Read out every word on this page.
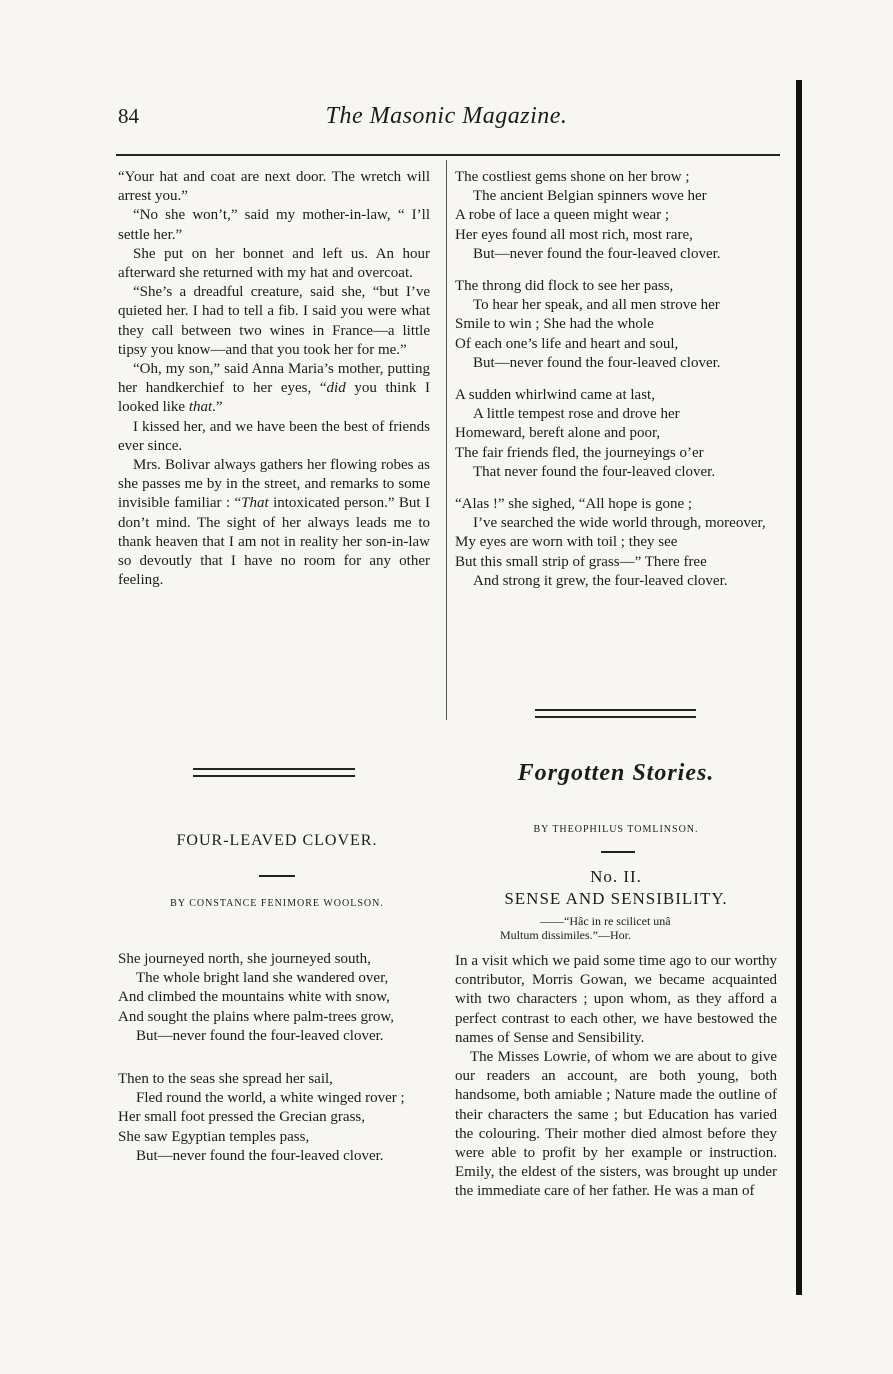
84	The Masonic Magazine.

“Your hat and coat are next door. The wretch will arrest you.”

“No she won’t,” said my mother-in-law, “ I’ll settle her.”

She put on her bonnet and left us. An hour afterward she returned with my hat and overcoat.

“She’s a dreadful creature, said she, “but I’ve quieted her. I had to tell a fib. I said you were what they call between two wines in France—a little tipsy you know—and that you took her for me.”

“Oh, my son,” said Anna Maria’s mother, putting her handkerchief to her eyes, “did you think I looked like that.”

I kissed her, and we have been the best of friends ever since.

Mrs. Bolivar always gathers her flowing robes as she passes me by in the street, and remarks to some invisible familiar : “That intoxicated person.” But I don’t mind. The sight of her always leads me to thank heaven that I am not in reality her son-in-law so devoutly that I have no room for any other feeling.

The costliest gems shone on her brow ;
The ancient Belgian spinners wove her
A robe of lace a queen might wear ;
Her eyes found all most rich, most rare,
But—never found the four-leaved clover.
The throng did flock to see her pass,
To hear her speak, and all men strove her
Smile to win ; She had the whole
Of each one’s life and heart and soul,
But—never found the four-leaved clover.
A sudden whirlwind came at last,
A little tempest rose and drove her
Homeward, bereft alone and poor,
The fair friends fled, the journeyings o’er
That never found the four-leaved clover.
“Alas !” she sighed, “All hope is gone ;
I’ve searched the wide world through, moreover,
My eyes are worn with toil ; they see
But this small strip of grass—” There free
And strong it grew, the four-leaved clover.
FOUR-LEAVED CLOVER.
BY CONSTANCE FENIMORE WOOLSON.
She journeyed north, she journeyed south,
The whole bright land she wandered over,
And climbed the mountains white with snow,
And sought the plains where palm-trees grow,
But—never found the four-leaved clover.
Then to the seas she spread her sail,
Fled round the world, a white winged rover ;
Her small foot pressed the Grecian grass,
She saw Egyptian temples pass,
But—never found the four-leaved clover.
Forgotten Stories.
BY THEOPHILUS TOMLINSON.
No. II.
SENSE AND SENSIBILITY.
——“Hâc in re scilicet unâ
Multum dissimiles.”—Hor.

In a visit which we paid some time ago to our worthy contributor, Morris Gowan, we became acquainted with two characters ; upon whom, as they afford a perfect contrast to each other, we have bestowed the names of Sense and Sensibility.

The Misses Lowrie, of whom we are about to give our readers an account, are both young, both handsome, both amiable ; Nature made the outline of their characters the same ; but Education has varied the colouring. Their mother died almost before they were able to profit by her example or instruction. Emily, the eldest of the sisters, was brought up under the immediate care of her father. He was a man of
